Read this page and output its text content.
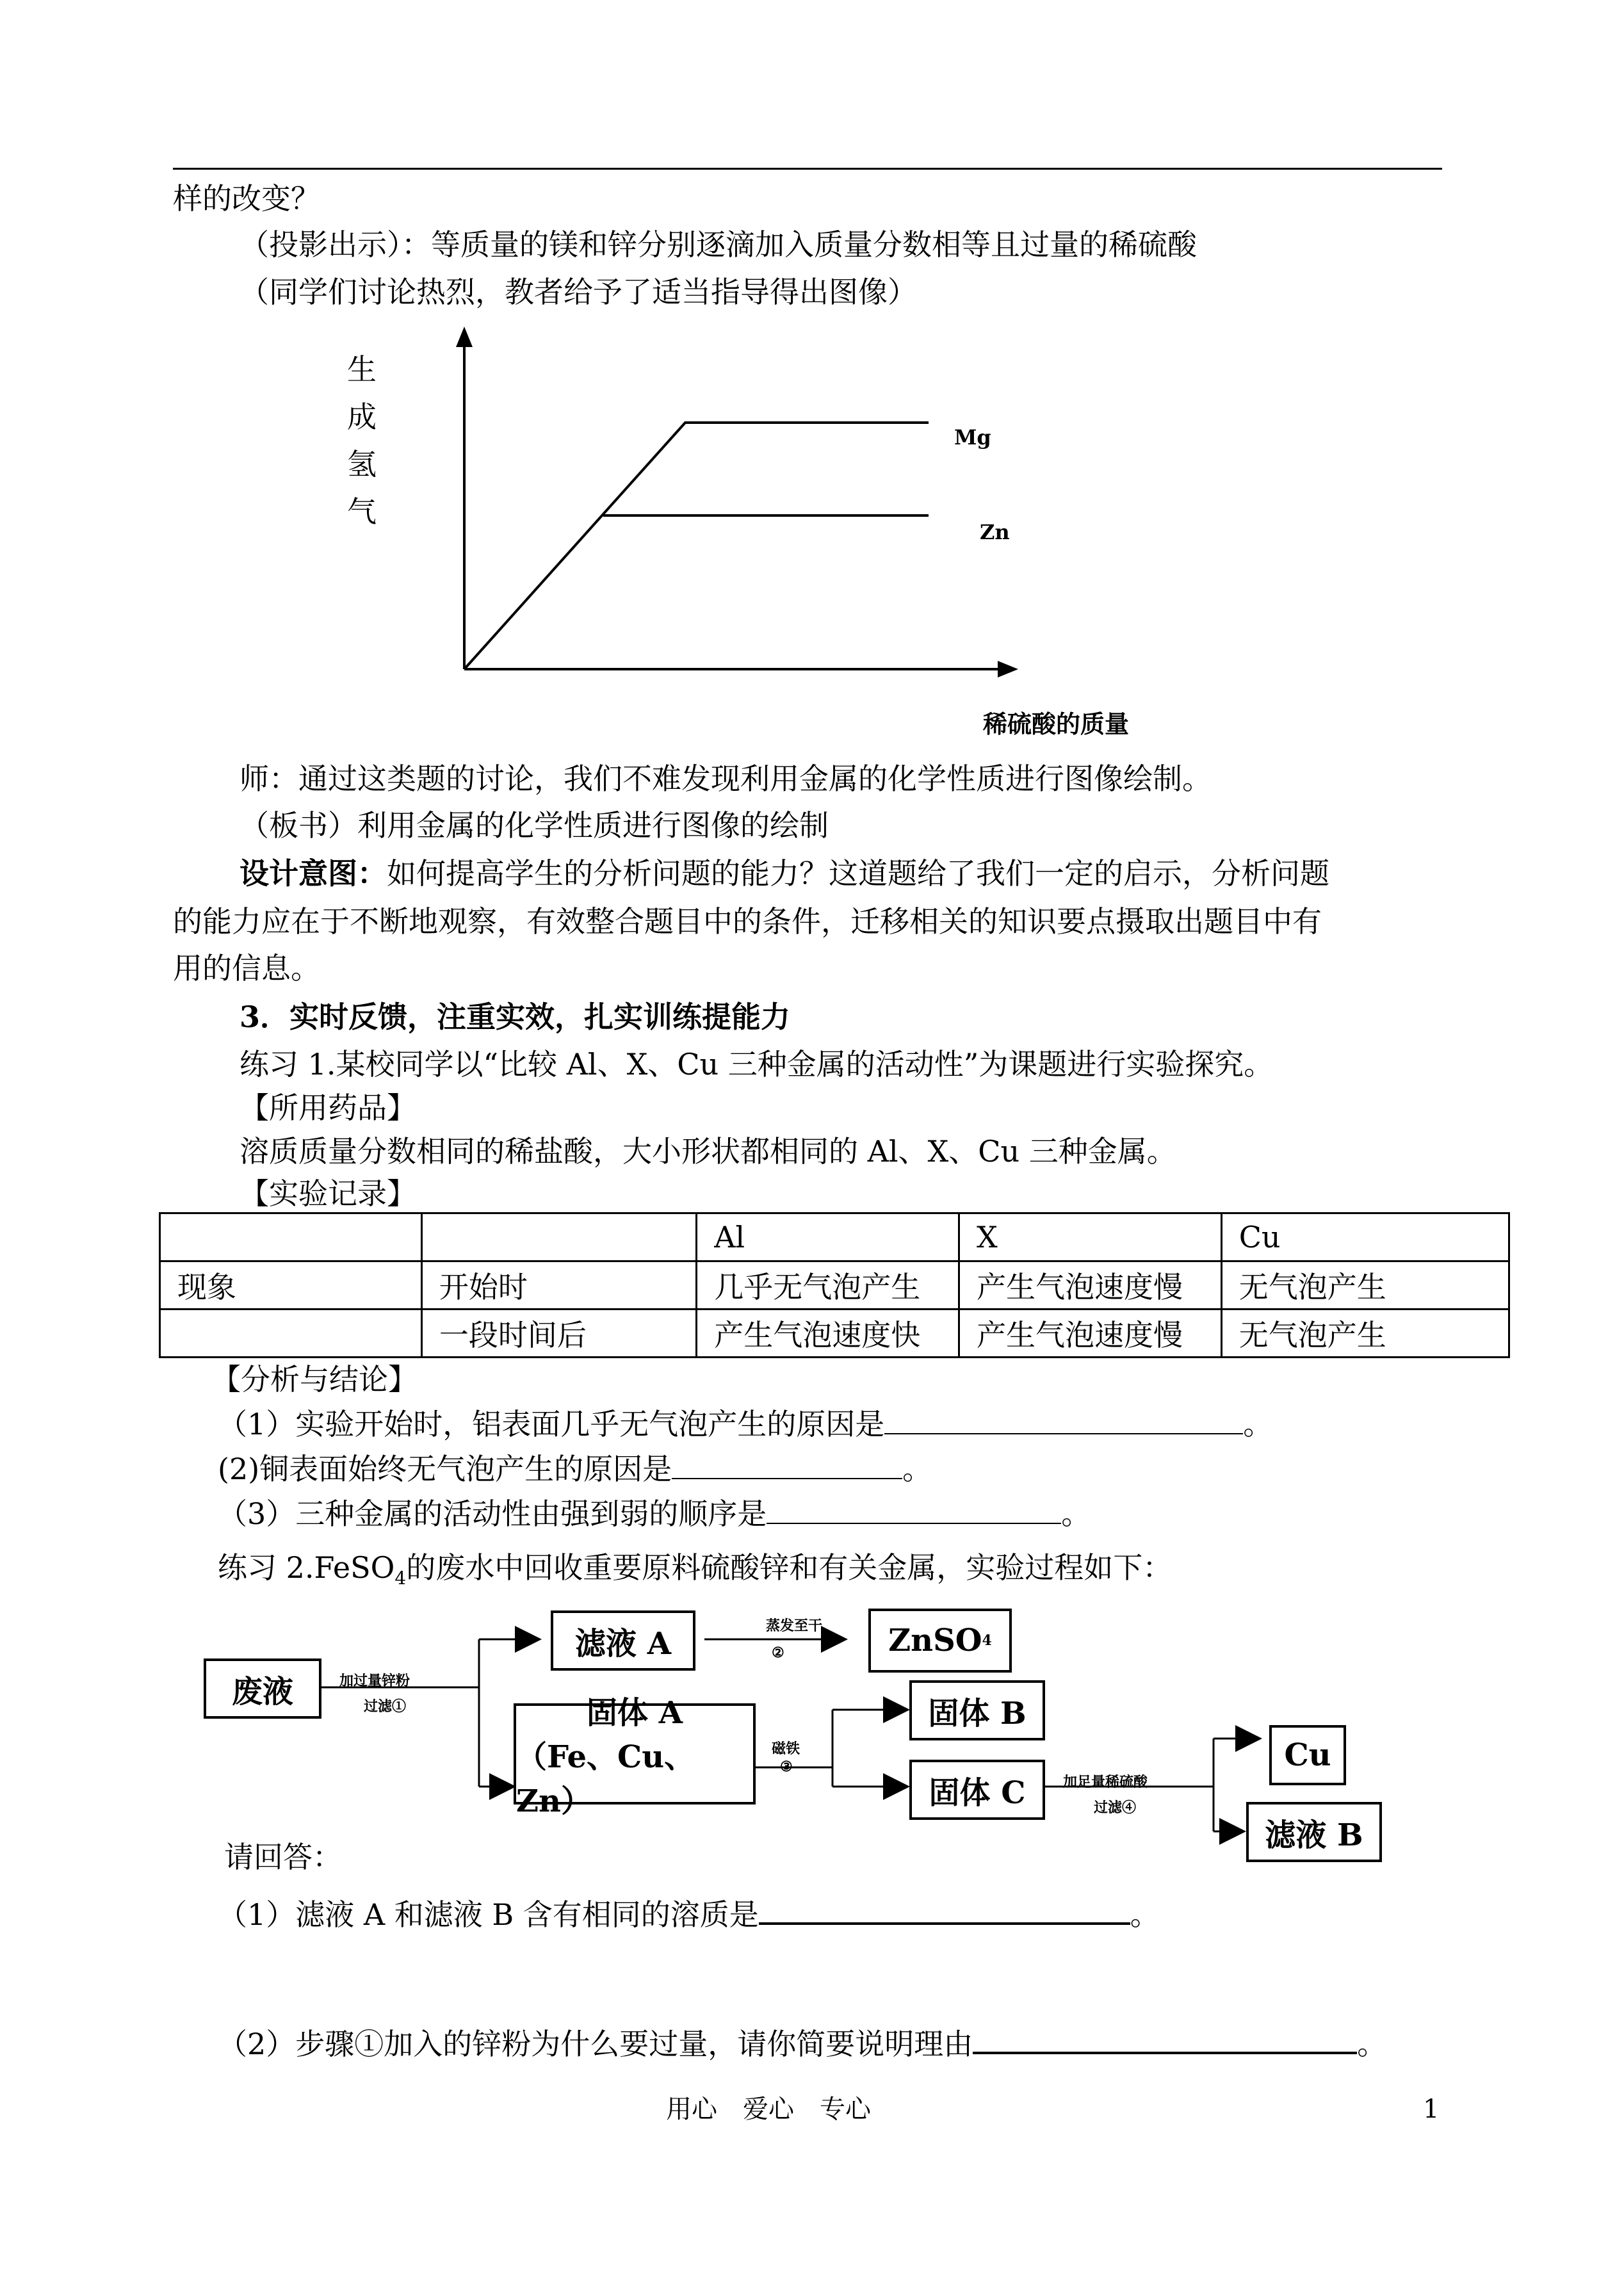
样的改变？
（投影出示）：等质量的镁和锌分别逐滴加入质量分数相等且过量的稀硫酸
（同学们讨论热烈，教者给予了适当指导得出图像）
生成氢气
Mg
Zn
稀硫酸的质量
师：通过这类题的讨论，我们不难发现利用金属的化学性质进行图像绘制。
（板书）利用金属的化学性质进行图像的绘制
设计意图：如何提高学生的分析问题的能力？这道题给了我们一定的启示，分析问题
的能力应在于不断地观察，有效整合题目中的条件，迁移相关的知识要点摄取出题目中有
用的信息。
3．实时反馈，注重实效，扎实训练提能力
练习 1.某校同学以“比较 Al、X、Cu 三种金属的活动性”为课题进行实验探究。
【所用药品】
溶质质量分数相同的稀盐酸，大小形状都相同的 Al、X、Cu 三种金属。
【实验记录】
		Al	X	Cu
现象	开始时	几乎无气泡产生	产生气泡速度慢	无气泡产生
	一段时间后	产生气泡速度快	产生气泡速度慢	无气泡产生
【分析与结论】
（1）实验开始时，铝表面几乎无气泡产生的原因是	。
(2)铜表面始终无气泡产生的原因是	。
（3）三种金属的活动性由强到弱的顺序是	。
练习 2.FeSO$_4$的废水中回收重要原料硫酸锌和有关金属，实验过程如下：
废液
滤液 A	ZnSO 4
固体 A
（Fe、Cu、Zn）
固体 B
固体 C
Cu
滤液 B
加过量锌粉
过滤①
蒸发至干
②
磁铁
③
加足量稀硫酸
过滤④
请回答：
（1）滤液 A 和滤液 B 含有相同的溶质是	。
（2）步骤①加入的锌粉为什么要过量，请你简要说明理由	。
用心　爱心　专心	1
